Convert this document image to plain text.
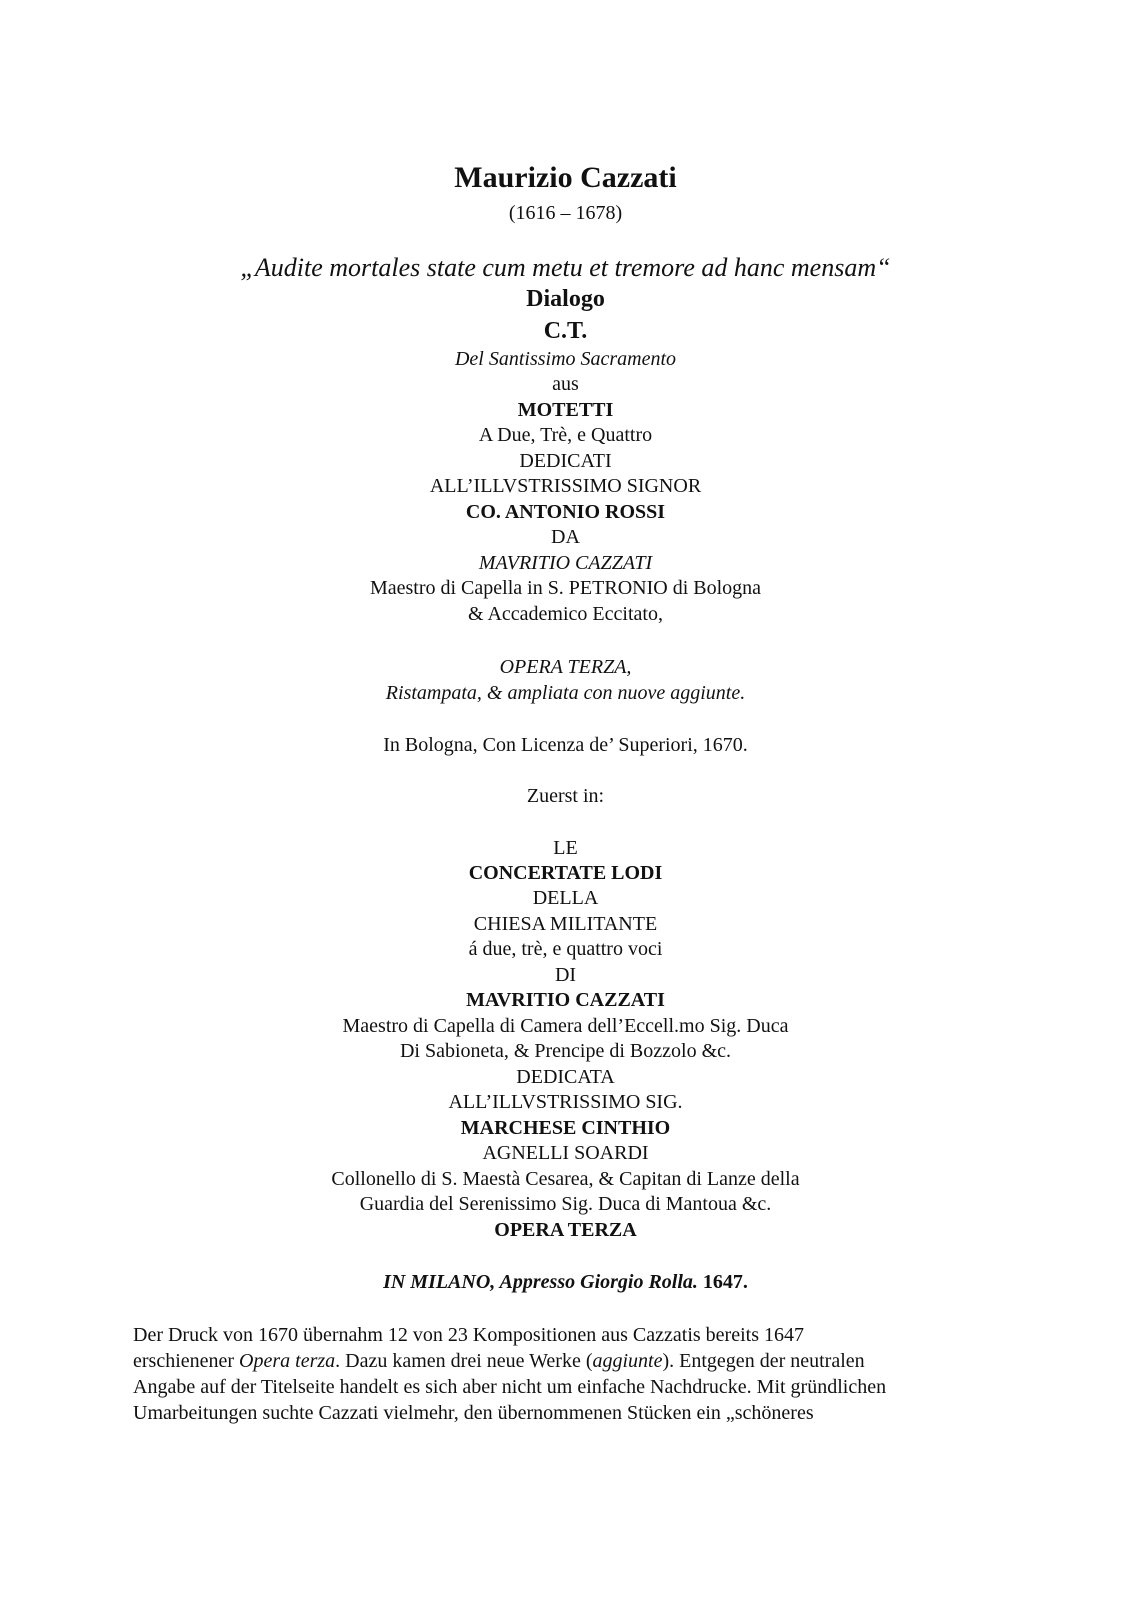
Maurizio Cazzati
(1616 – 1678)
„Audite mortales state cum metu et tremore ad hanc mensam“
Dialogo
C.T.
Del Santissimo Sacramento
aus
MOTETTI
A Due, Trè, e Quattro
DEDICATI
ALL’ILLVSTRISSIMO SIGNOR
CO. ANTONIO ROSSI
DA
MAVRITIO CAZZATI
Maestro di Capella in S. PETRONIO di Bologna
& Accademico Eccitato,
OPERA TERZA,
Ristampata, & ampliata con nuove aggiunte.
In Bologna, Con Licenza de’ Superiori, 1670.
Zuerst in:
LE
CONCERTATE LODI
DELLA
CHIESA MILITANTE
á due, trè, e quattro voci
DI
MAVRITIO CAZZATI
Maestro di Capella di Camera dell’Eccell.mo Sig. Duca
Di Sabioneta, & Prencipe di Bozzolo &c.
DEDICATA
ALL’ILLVSTRISSIMO SIG.
MARCHESE CINTHIO
AGNELLI SOARDI
Collonello di S. Maestà Cesarea, & Capitan di Lanze della
Guardia del Serenissimo Sig. Duca di Mantoua &c.
OPERA TERZA
IN MILANO, Appresso Giorgio Rolla. 1647.
Der Druck von 1670 übernahm 12 von 23 Kompositionen aus Cazzatis bereits 1647
erschienener Opera terza. Dazu kamen drei neue Werke (aggiunte). Entgegen der neutralen
Angabe auf der Titelseite handelt es sich aber nicht um einfache Nachdrucke. Mit gründlichen
Umarbeitungen suchte Cazzati vielmehr, den übernommenen Stücken ein „schöneres
